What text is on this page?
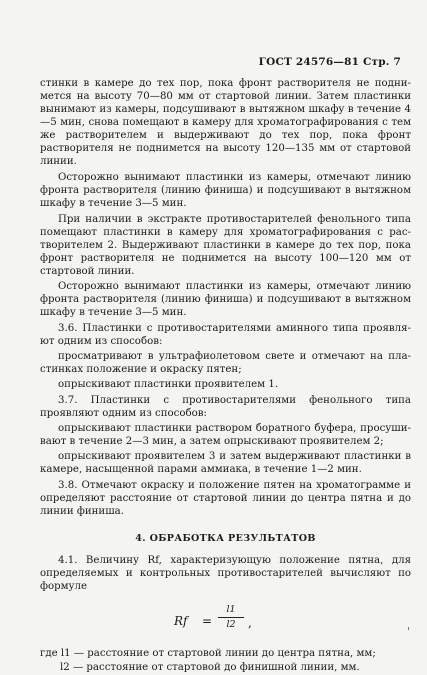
ГОСТ 24576—81 Стр. 7

стинки в камере до тех пор, пока фронт растворителя не поднимется на высоту 70—80 мм от стартовой линии. Затем пластинки вынимают из камеры, подсушивают в вытяжном шкафу в течение 4—5 мин, снова помещают в камеру для хроматографирования с тем же растворителем и выдерживают до тех пор, пока фронт растворителя не поднимется на высоту 120—135 мм от стартовой линии.

Осторожно вынимают пластинки из камеры, отмечают линию фронта растворителя (линию финиша) и подсушивают в вытяжном шкафу в течение 3—5 мин.

При наличии в экстракте противостарителей фенольного типа помещают пластинки в камеру для хроматографирования с растворителем 2. Выдерживают пластинки в камере до тех пор, пока фронт растворителя не поднимется на высоту 100—120 мм от стартовой линии.

Осторожно вынимают пластинки из камеры, отмечают линию фронта растворителя (линию финиша) и подсушивают в вытяжном шкафу в течение 3—5 мин.

3.6. Пластинки с противостарителями аминного типа проявляют одним из способов:

просматривают в ультрафиолетовом свете и отмечают на пластинках положение и окраску пятен;

опрыскивают пластинки проявителем 1.

3.7. Пластинки с противостарителями фенольного типа проявляют одним из способов:

опрыскивают пластинки раствором боратного буфера, просушивают в течение 2—3 мин, а затем опрыскивают проявителем 2;

опрыскивают проявителем 3 и затем выдерживают пластинки в камере, насыщенной парами аммиака, в течение 1—2 мин.

3.8. Отмечают окраску и положение пятен на хроматограмме и определяют расстояние от стартовой линии до центра пятна и до линии финиша.

4. ОБРАБОТКА РЕЗУЛЬТАТОВ

4.1. Величину Rf, характеризующую положение пятна, для определяемых и контрольных противостарителей вычисляют по формуле

Rf =
l1
l2	,
где l1 — расстояние от стартовой линии до центра пятна, мм;
l2 — расстояние от стартовой до финишной линии, мм.
